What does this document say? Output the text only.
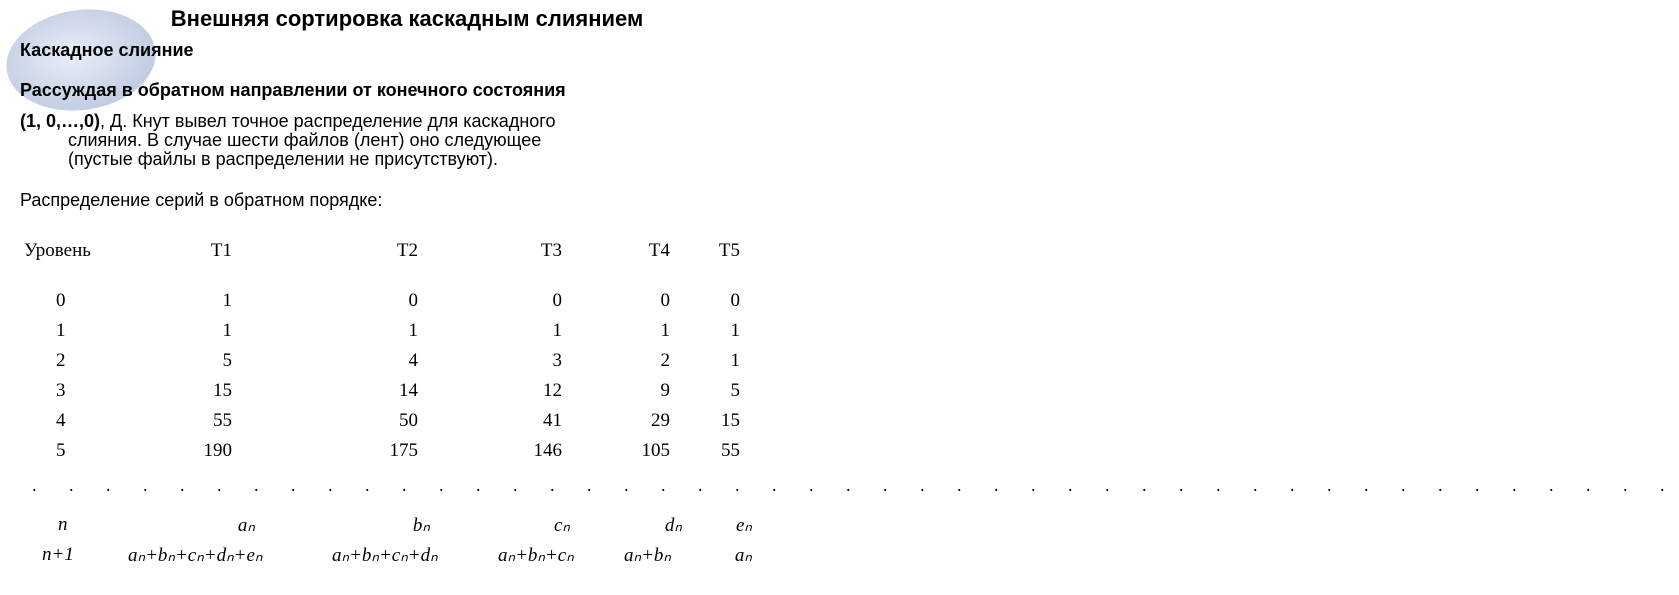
Внешняя сортировка каскадным слиянием
Каскадное слияние
Рассуждая в обратном направлении от конечного состояния
(1, 0,…,0), Д. Кнут вывел точное распределение для каскадного
слияния. В случае шести файлов (лент) оно следующее
(пустые файлы в распределении не присутствуют).
Распределение серий в обратном порядке:
Уровень	T1	T2	T3	T4	T5
0	1	0	0	0	0
1	1	1	1	1	1
2	5	4	3	2	1
3	15	14	12	9	5
4	55	50	41	29	15
5	190	175	146	105	55
. . . . . . . . . . . . . . . . . . . . . . . . . . . . . . . . . . . . . . . . . . . . .
n	aₙ	bₙ	cₙ	dₙ	eₙ
n+1	aₙ+bₙ+cₙ+dₙ+eₙ	aₙ+bₙ+cₙ+dₙ	aₙ+bₙ+cₙ	aₙ+bₙ	aₙ
